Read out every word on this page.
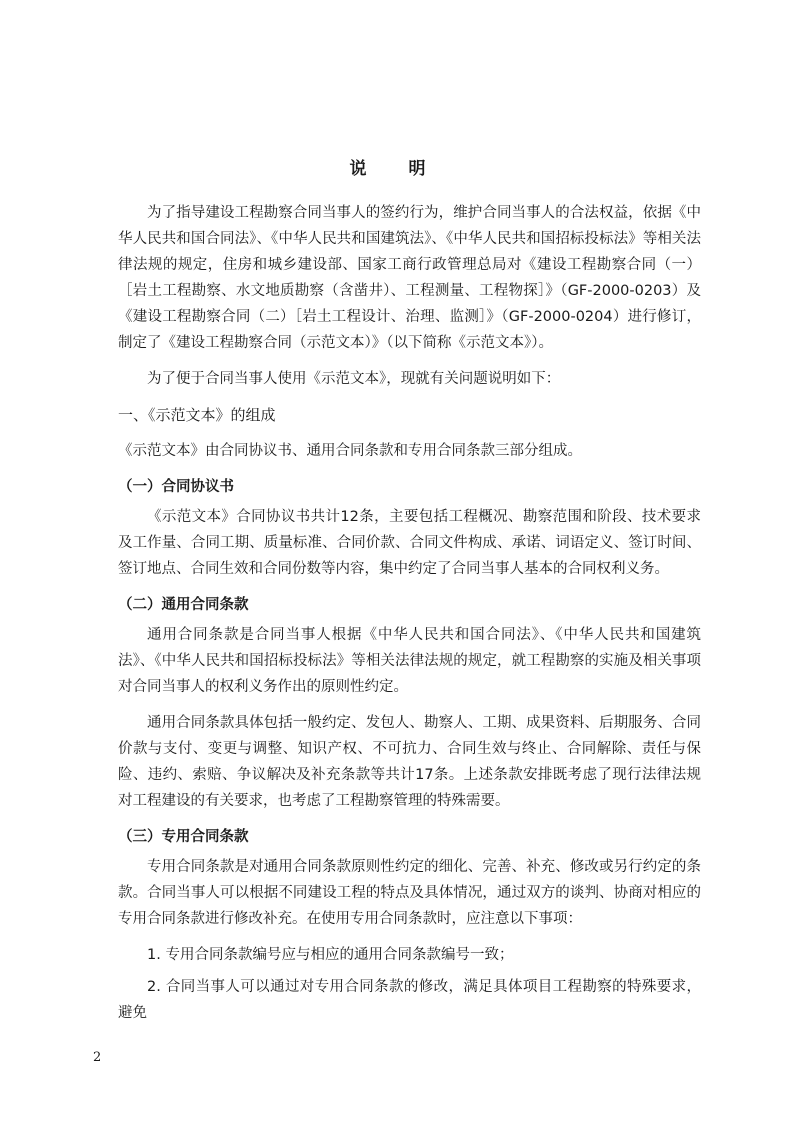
说 明

为了指导建设工程勘察合同当事人的签约行为，维护合同当事人的合法权益，依据《中华人民共和国合同法》、《中华人民共和国建筑法》、《中华人民共和国招标投标法》等相关法律法规的规定，住房和城乡建设部、国家工商行政管理总局对《建设工程勘察合同（一）［岩土工程勘察、水文地质勘察（含凿井）、工程测量、工程物探］》（GF-2000-0203）及《建设工程勘察合同（二）［岩土工程设计、治理、监测］》（GF-2000-0204）进行修订，制定了《建设工程勘察合同（示范文本）》（以下简称《示范文本》）。

为了便于合同当事人使用《示范文本》，现就有关问题说明如下：

一、《示范文本》的组成

《示范文本》由合同协议书、通用合同条款和专用合同条款三部分组成。

（一）合同协议书

《示范文本》合同协议书共计12条，主要包括工程概况、勘察范围和阶段、技术要求及工作量、合同工期、质量标准、合同价款、合同文件构成、承诺、词语定义、签订时间、签订地点、合同生效和合同份数等内容，集中约定了合同当事人基本的合同权利义务。

（二）通用合同条款

通用合同条款是合同当事人根据《中华人民共和国合同法》、《中华人民共和国建筑法》、《中华人民共和国招标投标法》等相关法律法规的规定，就工程勘察的实施及相关事项对合同当事人的权利义务作出的原则性约定。

通用合同条款具体包括一般约定、发包人、勘察人、工期、成果资料、后期服务、合同价款与支付、变更与调整、知识产权、不可抗力、合同生效与终止、合同解除、责任与保险、违约、索赔、争议解决及补充条款等共计17条。上述条款安排既考虑了现行法律法规对工程建设的有关要求，也考虑了工程勘察管理的特殊需要。

（三）专用合同条款

专用合同条款是对通用合同条款原则性约定的细化、完善、补充、修改或另行约定的条款。合同当事人可以根据不同建设工程的特点及具体情况，通过双方的谈判、协商对相应的专用合同条款进行修改补充。在使用专用合同条款时，应注意以下事项：

1. 专用合同条款编号应与相应的通用合同条款编号一致；

2. 合同当事人可以通过对专用合同条款的修改，满足具体项目工程勘察的特殊要求，避免

2
